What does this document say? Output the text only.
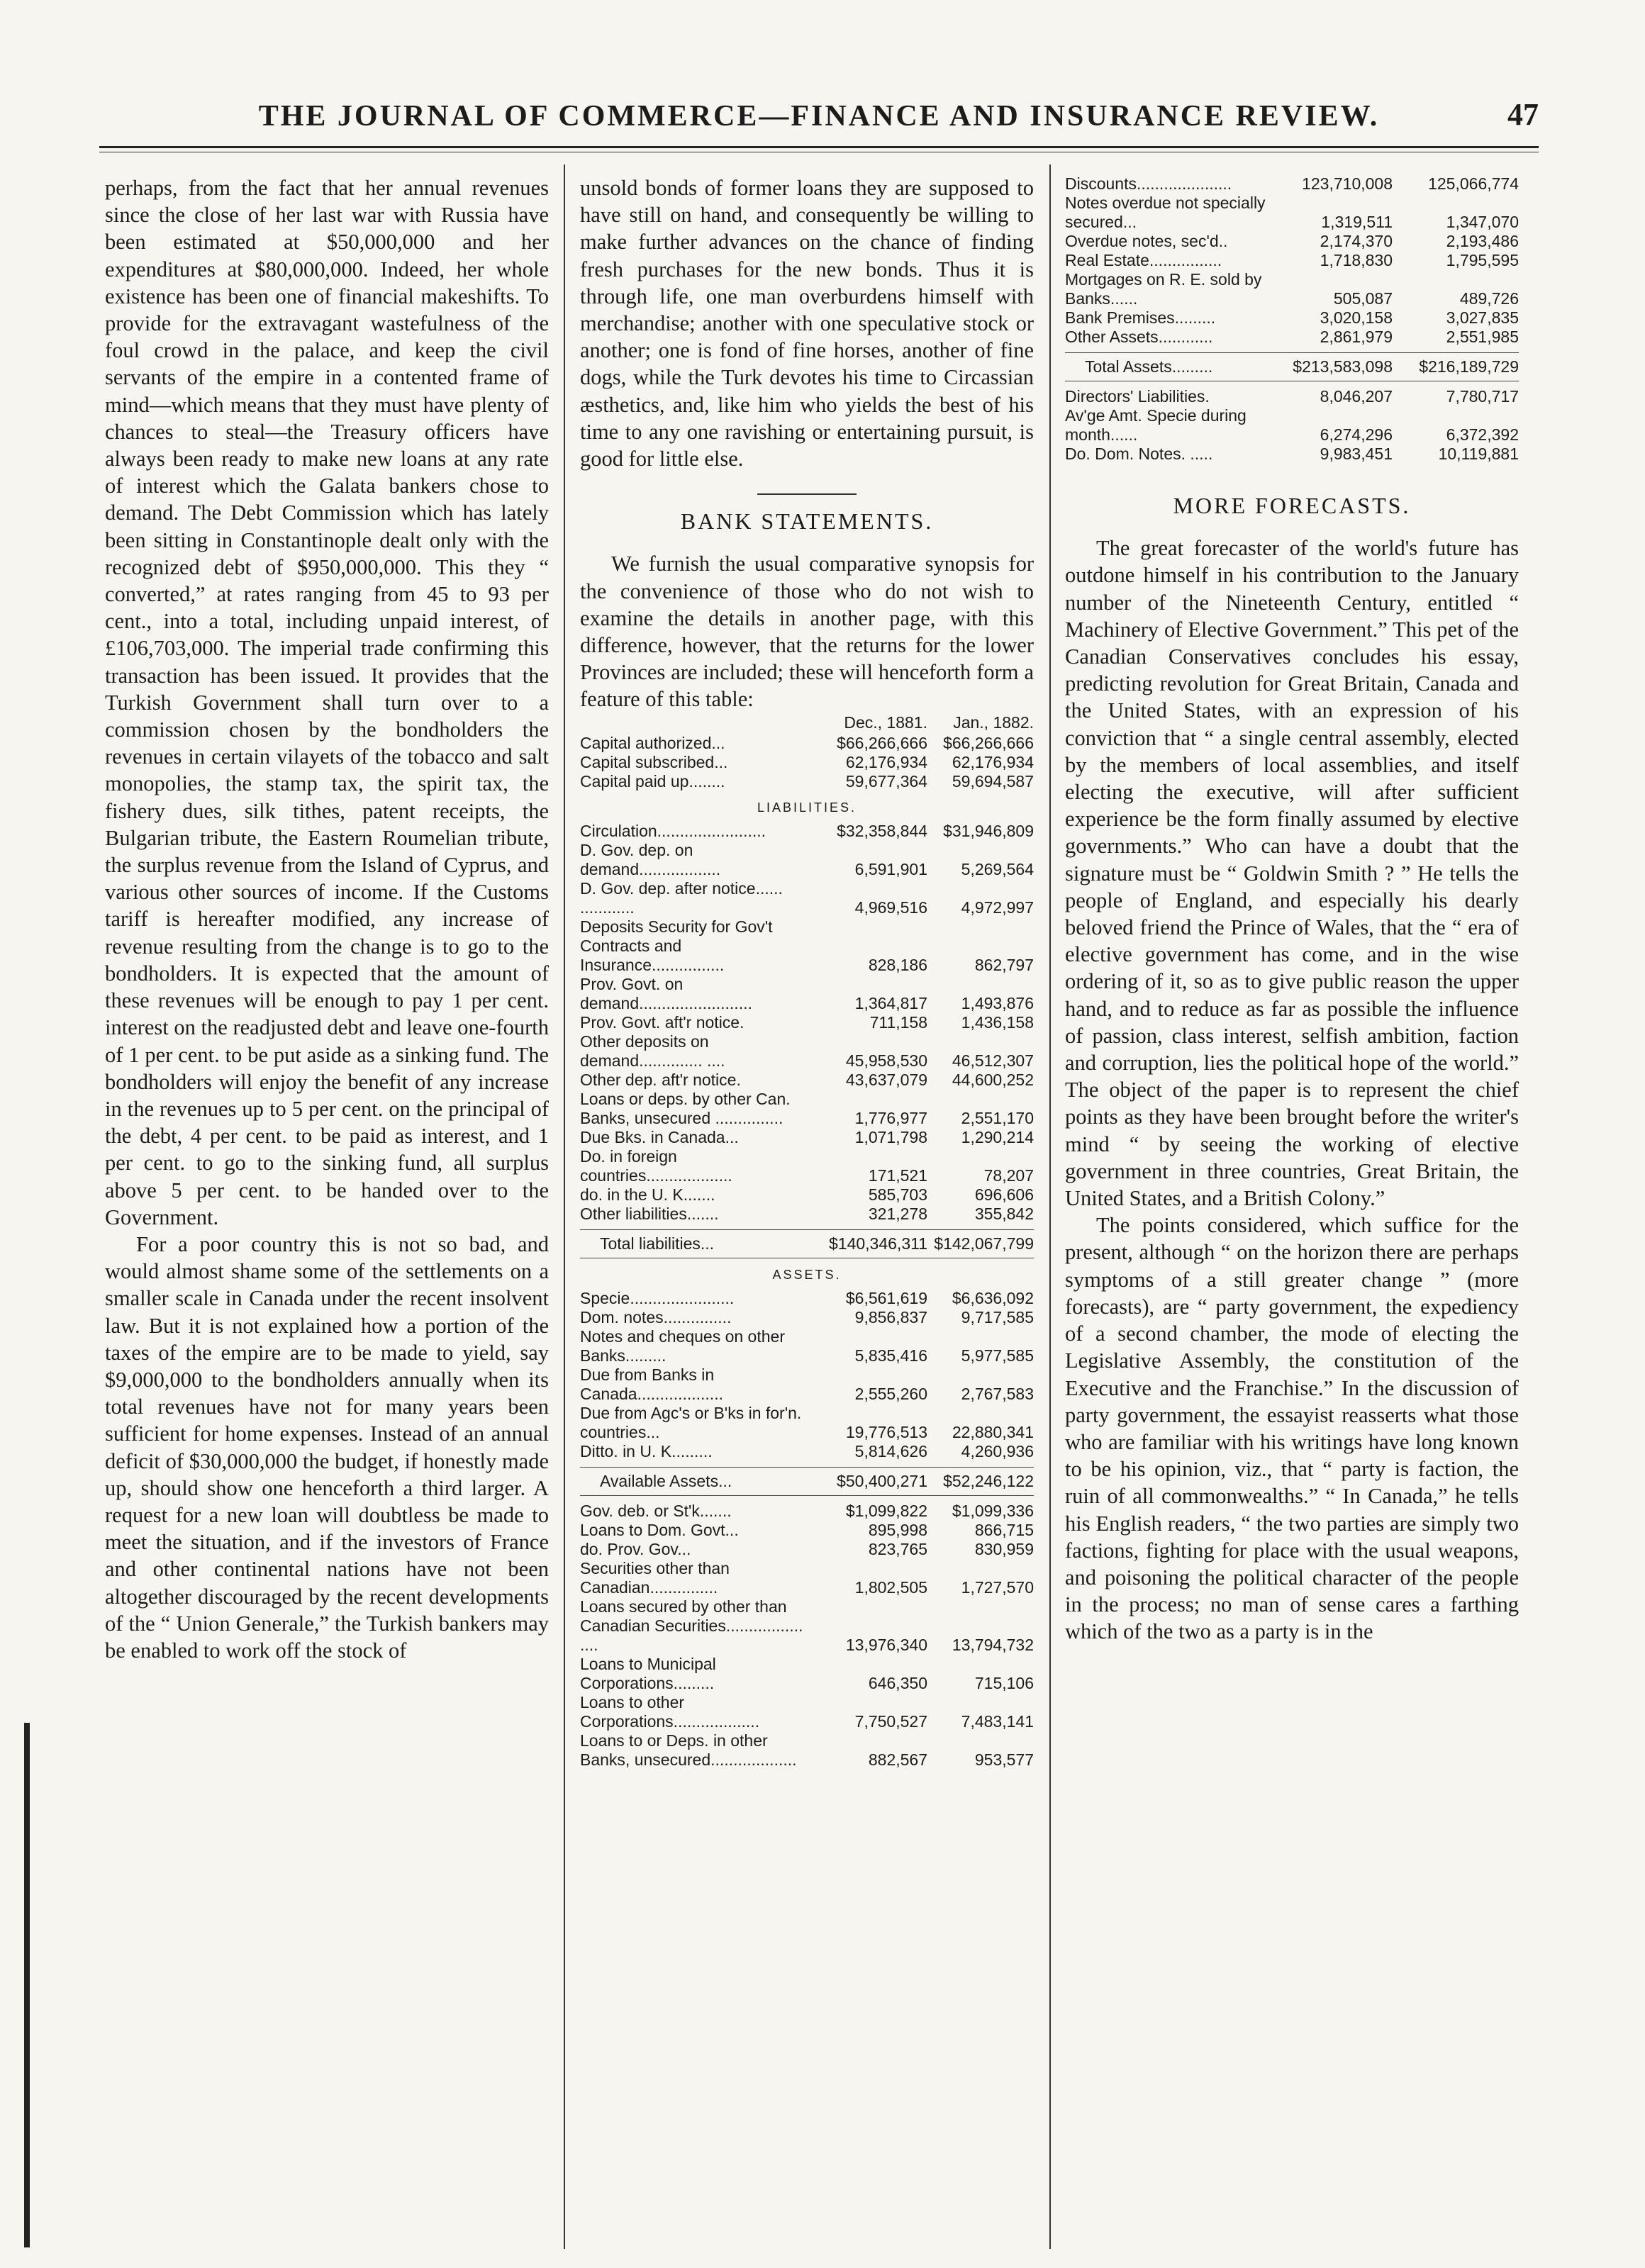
THE JOURNAL OF COMMERCE—FINANCE AND INSURANCE REVIEW.	47

perhaps, from the fact that her annual revenues since the close of her last war with Russia have been estimated at $50,000,000 and her expenditures at $80,000,000. Indeed, her whole existence has been one of financial makeshifts. To provide for the extravagant wastefulness of the foul crowd in the palace, and keep the civil servants of the empire in a contented frame of mind—which means that they must have plenty of chances to steal—the Treasury officers have always been ready to make new loans at any rate of interest which the Galata bankers chose to demand. The Debt Commission which has lately been sitting in Constantinople dealt only with the recognized debt of $950,000,000. This they “ converted,” at rates ranging from 45 to 93 per cent., into a total, including unpaid interest, of £106,703,000. The imperial trade confirming this transaction has been issued. It provides that the Turkish Government shall turn over to a commission chosen by the bondholders the revenues in certain vilayets of the tobacco and salt monopolies, the stamp tax, the spirit tax, the fishery dues, silk tithes, patent receipts, the Bulgarian tribute, the Eastern Roumelian tribute, the surplus revenue from the Island of Cyprus, and various other sources of income. If the Customs tariff is hereafter modified, any increase of revenue resulting from the change is to go to the bondholders. It is expected that the amount of these revenues will be enough to pay 1 per cent. interest on the readjusted debt and leave one-fourth of 1 per cent. to be put aside as a sinking fund. The bondholders will enjoy the benefit of any increase in the revenues up to 5 per cent. on the principal of the debt, 4 per cent. to be paid as interest, and 1 per cent. to go to the sinking fund, all surplus above 5 per cent. to be handed over to the Government.

For a poor country this is not so bad, and would almost shame some of the settlements on a smaller scale in Canada under the recent insolvent law. But it is not explained how a portion of the taxes of the empire are to be made to yield, say $9,000,000 to the bondholders annually when its total revenues have not for many years been sufficient for home expenses. Instead of an annual deficit of $30,000,000 the budget, if honestly made up, should show one henceforth a third larger. A request for a new loan will doubtless be made to meet the situation, and if the investors of France and other continental nations have not been altogether discouraged by the recent developments of the “ Union Generale,” the Turkish bankers may be enabled to work off the stock of

unsold bonds of former loans they are supposed to have still on hand, and consequently be willing to make further advances on the chance of finding fresh purchases for the new bonds. Thus it is through life, one man overburdens himself with merchandise; another with one speculative stock or another; one is fond of fine horses, another of fine dogs, while the Turk devotes his time to Circassian æsthetics, and, like him who yields the best of his time to any one ravishing or entertaining pursuit, is good for little else.

BANK STATEMENTS.

We furnish the usual comparative synopsis for the convenience of those who do not wish to examine the details in another page, with this difference, however, that the returns for the lower Provinces are included; these will henceforth form a feature of this table:

Dec., 1881.	Jan., 1882.
Capital authorized...	$66,266,666 $66,266,666
Capital subscribed...	62,176,934	62,176,934
Capital paid up........	59,677,364	59,694,587
LIABILITIES.
Circulation........................	$32,358,844 $31,946,809
D. Gov. dep. on demand..................	6,591,901	5,269,564
D. Gov. dep. after notice...... ............	4,969,516	4,972,997
Deposits Security for Gov't Contracts and Insurance................	828,186	862,797
Prov. Govt. on demand.........................	1,364,817	1,493,876
Prov. Govt. aft'r notice.	711,158	1,436,158
Other deposits on demand.............. ....	45,958,530	46,512,307
Other dep. aft'r notice.	43,637,079	44,600,252
Loans or deps. by other Can. Banks, unsecured ...............	1,776,977	2,551,170
Due Bks. in Canada...	1,071,798	1,290,214
Do. in foreign countries...................	171,521	78,207
do. in the U. K.......	585,703	696,606
Other liabilities.......	321,278	355,842
Total liabilities...	$140,346,311 $142,067,799
ASSETS.
Specie.......................	$6,561,619	$6,636,092
Dom. notes...............	9,856,837	9,717,585
Notes and cheques on other Banks.........	5,835,416	5,977,585
Due from Banks in Canada...................	2,555,260	2,767,583
Due from Agc's or B'ks in for'n. countries...	19,776,513	22,880,341
Ditto. in U. K.........	5,814,626	4,260,936
Available Assets...	$50,400,271 $52,246,122
Gov. deb. or St'k.......	$1,099,822	$1,099,336
Loans to Dom. Govt...	895,998	866,715
do. Prov. Gov...	823,765	830,959
Securities other than Canadian...............	1,802,505	1,727,570
Loans secured by other than Canadian Securities................. ....	13,976,340	13,794,732
Loans to Municipal Corporations.........	646,350	715,106
Loans to other Corporations...................	7,750,527	7,483,141
Loans to or Deps. in other Banks, unsecured...................	882,567	953,577
Discounts.....................	123,710,008	125,066,774
Notes overdue not specially secured...	1,319,511	1,347,070
Overdue notes, sec'd..	2,174,370	2,193,486
Real Estate................	1,718,830	1,795,595
Mortgages on R. E. sold by Banks......	505,087	489,726
Bank Premises.........	3,020,158	3,027,835
Other Assets............	2,861,979	2,551,985
Total Assets.........	$213,583,098	$216,189,729
Directors' Liabilities.	8,046,207	7,780,717
Av'ge Amt. Specie during month......	6,274,296	6,372,392
Do. Dom. Notes. .....	9,983,451	10,119,881
MORE FORECASTS.

The great forecaster of the world's future has outdone himself in his contribution to the January number of the Nineteenth Century, entitled “ Machinery of Elective Government.” This pet of the Canadian Conservatives concludes his essay, predicting revolution for Great Britain, Canada and the United States, with an expression of his conviction that “ a single central assembly, elected by the members of local assemblies, and itself electing the executive, will after sufficient experience be the form finally assumed by elective governments.” Who can have a doubt that the signature must be “ Goldwin Smith ? ” He tells the people of England, and especially his dearly beloved friend the Prince of Wales, that the “ era of elective government has come, and in the wise ordering of it, so as to give public reason the upper hand, and to reduce as far as possible the influence of passion, class interest, selfish ambition, faction and corruption, lies the political hope of the world.” The object of the paper is to represent the chief points as they have been brought before the writer's mind “ by seeing the working of elective government in three countries, Great Britain, the United States, and a British Colony.”

The points considered, which suffice for the present, although “ on the horizon there are perhaps symptoms of a still greater change ” (more forecasts), are “ party government, the expediency of a second chamber, the mode of electing the Legislative Assembly, the constitution of the Executive and the Franchise.” In the discussion of party government, the essayist reasserts what those who are familiar with his writings have long known to be his opinion, viz., that “ party is faction, the ruin of all commonwealths.” “ In Canada,” he tells his English readers, “ the two parties are simply two factions, fighting for place with the usual weapons, and poisoning the political character of the people in the process; no man of sense cares a farthing which of the two as a party is in the
